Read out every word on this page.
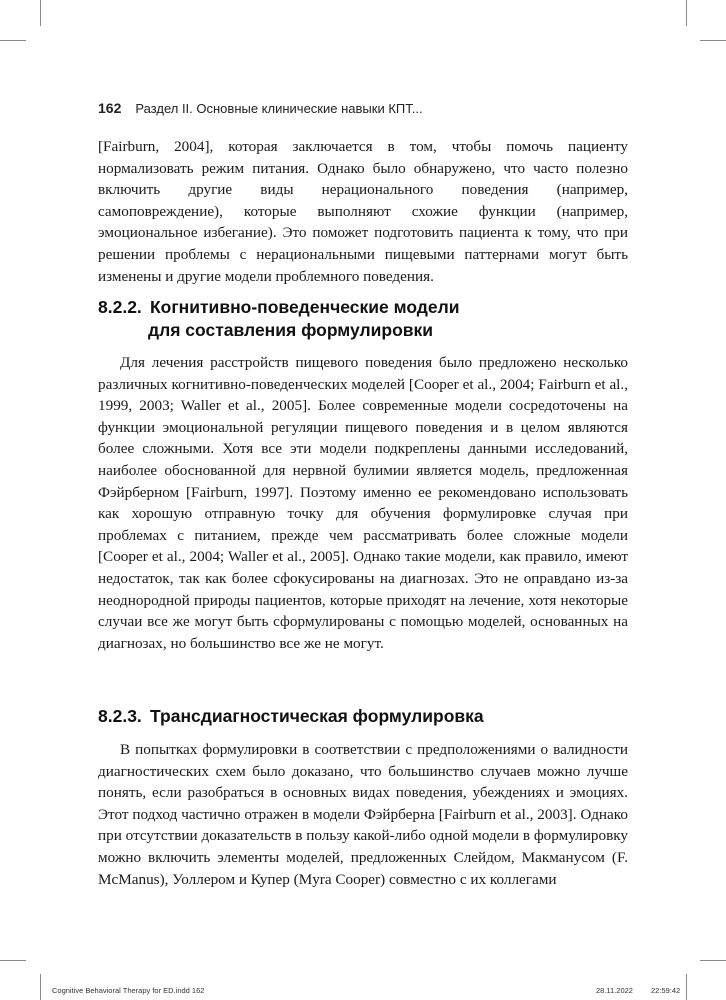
162 Раздел II. Основные клинические навыки КПТ...

[Fairburn, 2004], которая заключается в том, чтобы помочь пациенту нормализовать режим питания. Однако было обнаружено, что часто полезно включить другие виды нерационального поведения (например, самоповреждение), которые выполняют схожие функции (например, эмоциональное избегание). Это поможет подготовить пациента к тому, что при решении проблемы с нерациональными пищевыми паттернами могут быть изменены и другие модели проблемного поведения.

8.2.2. Когнитивно-поведенческие модели
для составления формулировки

Для лечения расстройств пищевого поведения было предложено несколько различных когнитивно-поведенческих моделей [Cooper et al., 2004; Fairburn et al., 1999, 2003; Waller et al., 2005]. Более современные модели сосредоточены на функции эмоциональной регуляции пищевого поведения и в целом являются более сложными. Хотя все эти модели подкреплены данными исследований, наиболее обоснованной для нервной булимии является модель, предложенная Фэйрберном [Fairburn, 1997]. Поэтому именно ее рекомендовано использовать как хорошую отправную точку для обучения формулировке случая при проблемах с питанием, прежде чем рассматривать более сложные модели [Cooper et al., 2004; Waller et al., 2005]. Однако такие модели, как правило, имеют недостаток, так как более сфокусированы на диагнозах. Это не оправдано из-за неоднородной природы пациентов, которые приходят на лечение, хотя некоторые случаи все же могут быть сформулированы с помощью моделей, основанных на диагнозах, но большинство все же не могут.

8.2.3. Трансдиагностическая формулировка

В попытках формулировки в соответствии с предположениями о валидности диагностических схем было доказано, что большинство случаев можно лучше понять, если разобраться в основных видах поведения, убеждениях и эмоциях. Этот подход частично отражен в модели Фэйрберна [Fairburn et al., 2003]. Однако при отсутствии доказательств в пользу какой-либо одной модели в формулировку можно включить элементы моделей, предложенных Слейдом, Макманусом (F. McManus), Уоллером и Купер (Myra Cooper) совместно с их коллегами

Cognitive Behavioral Therapy for ED.indd 162	28.11.2022 22:59:42
